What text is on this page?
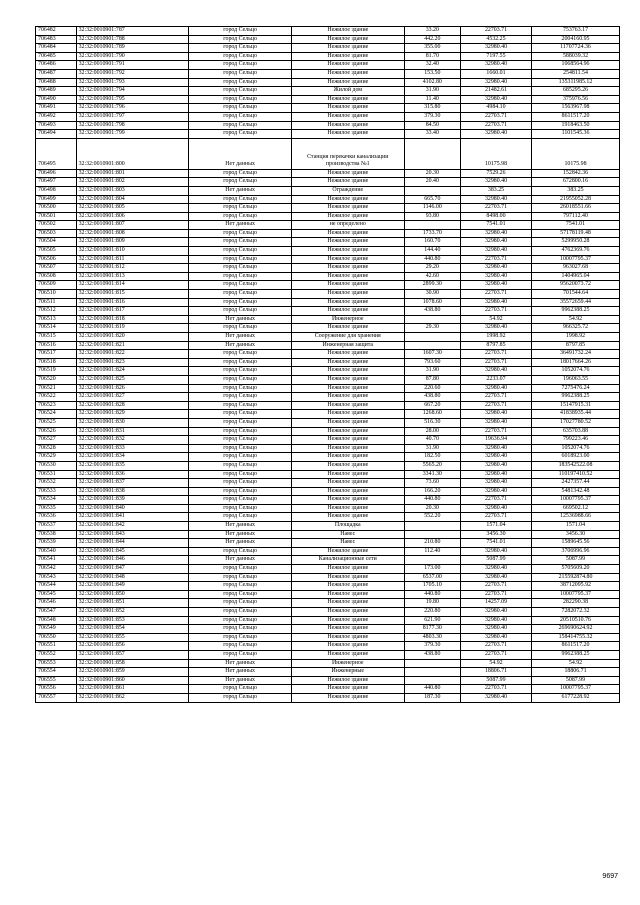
706482	32:32:0010901:787	город Сельцо	Нежилое здание	33.20	22703.71	753763.17
706483	32:32:0010901:788	город Сельцо	Нежилое здание	442.20	4532.25	2004160.95
706484	32:32:0010901:789	город Сельцо	Нежилое здание	355.00	32980.40	11707724.36
706485	32:32:0010901:790	город Сельцо	Нежилое здание	81.70	7197.55	588039.32
706486	32:32:0010901:791	город Сельцо	Нежилое здание	32.40	32980.40	1068564.96
706487	32:32:0010901:792	город Сельцо	Нежилое здание	153.50	1660.01	254811.54
706488	32:32:0010901:793	город Сельцо	Нежилое здание	4102.80	32980.40	135311985.12
706489	32:32:0010901:794	город Сельцо	Жилой дом	31.90	21482.61	685295.26
706490	32:32:0010901:795	город Сельцо	Нежилое здание	11.40	32980.40	375976.56
706491	32:32:0010901:796	город Сельцо	Нежилое здание	315.80	4984.10	1563967.98
706492	32:32:0010901:797	город Сельцо	Нежилое здание	379.30	22703.71	8611517.20
706493	32:32:0010901:798	город Сельцо	Нежилое здание	84.50	22703.71	1918463.50
706494	32:32:0010901:799	город Сельцо	Нежилое здание	33.40	32980.40	1101545.36
706495	32:32:0010901:800	Нет данных	Станция перекачки канализации производства №1		10175.98	10175.98
706496	32:32:0010901:801	город Сельцо	Нежилое здание	20.30	7529.26	152842.36
706497	32:32:0010901:802	город Сельцо	Нежилое здание	20.40	32980.40	672800.16
706498	32:32:0010901:803	Нет данных	Ограждение		383.25	383.25
706499	32:32:0010901:804	город Сельцо	Нежилое здание	665.70	32980.40	21955052.28
706500	32:32:0010901:805	город Сельцо	Нежилое здание	1146.00	22703.71	26018551.66
706501	32:32:0010901:806	город Сельцо	Нежилое здание	93.80	8498.00	797112.40
706502	32:32:0010901:807	Нет данных	не определено		7541.01	7541.01
706503	32:32:0010901:808	город Сельцо	Нежилое здание	1733.70	32980.40	57178119.48
706504	32:32:0010901:809	город Сельцо	Нежилое здание	160.70	32980.40	5299950.28
706505	32:32:0010901:810	город Сельцо	Нежилое здание	144.40	32980.40	4762369.76
706506	32:32:0010901:811	город Сельцо	Нежилое здание	440.80	22703.71	10007795.37
706507	32:32:0010901:812	город Сельцо	Нежилое здание	29.20	32980.40	963027.68
706508	32:32:0010901:813	город Сельцо	Нежилое здание	42.60	32980.40	1404965.04
706509	32:32:0010901:814	город Сельцо	Нежилое здание	2899.30	32980.40	95620073.72
706510	32:32:0010901:815	город Сельцо	Нежилое здание	30.90	22703.71	701544.64
706511	32:32:0010901:816	город Сельцо	Нежилое здание	1078.60	32980.40	35572659.44
706512	32:32:0010901:817	город Сельцо	Нежилое здание	438.80	22703.71	9962388.25
706513	32:32:0010901:818	Нет данных	Инженерное		54.92	54.92
706514	32:32:0010901:819	город Сельцо	Нежилое здание	29.30	32980.40	966325.72
706515	32:32:0010901:820	Нет данных	Сооружение для хранения		1998.92	1998.92
706516	32:32:0010901:821	Нет данных	Инженерная защита		8797.85	8797.85
706517	32:32:0010901:822	город Сельцо	Нежилое здание	1607.30	22703.71	36491732.24
706518	32:32:0010901:823	город Сельцо	Нежилое здание	793.60	22703.71	18017664.26
706519	32:32:0010901:824	город Сельцо	Нежилое здание	31.90	32980.40	1052074.76
706520	32:32:0010901:825	город Сельцо	Нежилое здание	87.80	2233.07	196063.55
706521	32:32:0010901:826	город Сельцо	Нежилое здание	220.60	32980.40	7275476.24
706522	32:32:0010901:827	город Сельцо	Нежилое здание	438.80	22703.71	9962388.25
706523	32:32:0010901:828	город Сельцо	Нежилое здание	667.20	22703.71	15147915.31
706524	32:32:0010901:829	город Сельцо	Нежилое здание	1268.60	32980.40	41838935.44
706525	32:32:0010901:830	город Сельцо	Нежилое здание	516.30	32980.40	17027780.52
706526	32:32:0010901:831	город Сельцо	Нежилое здание	28.00	22703.71	635703.88
706527	32:32:0010901:832	город Сельцо	Нежилое здание	40.70	19636.94	799223.46
706528	32:32:0010901:833	город Сельцо	Нежилое здание	31.90	32980.40	1052074.76
706529	32:32:0010901:834	город Сельцо	Нежилое здание	182.50	32980.40	6018923.00
706530	32:32:0010901:835	город Сельцо	Нежилое здание	5565.20	32980.40	183542522.08
706531	32:32:0010901:836	город Сельцо	Нежилое здание	3341.30	32980.40	110197410.52
706532	32:32:0010901:837	город Сельцо	Нежилое здание	73.60	32980.40	2427357.44
706533	32:32:0010901:838	город Сельцо	Нежилое здание	166.20	32980.40	5481342.48
706534	32:32:0010901:839	город Сельцо	Нежилое здание	440.80	22703.71	10007795.37
706535	32:32:0010901:840	город Сельцо	Нежилое здание	20.30	32980.40	669502.12
706536	32:32:0010901:841	город Сельцо	Нежилое здание	552.20	22703.71	12536988.66
706537	32:32:0010901:842	Нет данных	Площадка		1571.04	1571.04
706538	32:32:0010901:843	Нет данных	Навес		3456.30	3456.30
706539	32:32:0010901:844	Нет данных	Навес	210.80	7541.01	1589645.56
706540	32:32:0010901:845	город Сельцо	Нежилое здание	112.40	32980.40	3706996.96
706541	32:32:0010901:846	Нет данных	Канализационные сети		5087.99	5087.99
706542	32:32:0010901:847	город Сельцо	Нежилое здание	173.00	32980.40	5705609.20
706543	32:32:0010901:848	город Сельцо	Нежилое здание	6537.00	32980.40	215592874.80
706544	32:32:0010901:849	город Сельцо	Нежилое здание	1705.10	22703.71	38712095.92
706545	32:32:0010901:850	город Сельцо	Нежилое здание	440.80	22703.71	10007795.37
706546	32:32:0010901:851	город Сельцо	Нежилое здание	19.80	14257.09	282290.38
706547	32:32:0010901:852	город Сельцо	Нежилое здание	220.80	32980.40	7282072.32
706548	32:32:0010901:853	город Сельцо	Нежилое здание	621.90	32980.40	20510510.76
706549	32:32:0010901:854	город Сельцо	Нежилое здание	8177.30	32980.40	269690624.92
706550	32:32:0010901:855	город Сельцо	Нежилое здание	4803.30	32980.40	158414755.32
706551	32:32:0010901:856	город Сельцо	Нежилое здание	379.30	22703.71	8611517.20
706552	32:32:0010901:857	город Сельцо	Нежилое здание	438.80	22703.71	9962388.25
706553	32:32:0010901:858	Нет данных	Инженерное		54.92	54.92
706554	32:32:0010901:859	Нет данных	Инженерные		18806.71	18806.71
706555	32:32:0010901:860	Нет данных	Нежилое здание		5087.99	5087.99
706556	32:32:0010901:861	город Сельцо	Нежилое здание	440.80	22703.71	10007795.37
706557	32:32:0010901:862	город Сельцо	Нежилое здание	187.30	32980.40	6177228.92
9697
